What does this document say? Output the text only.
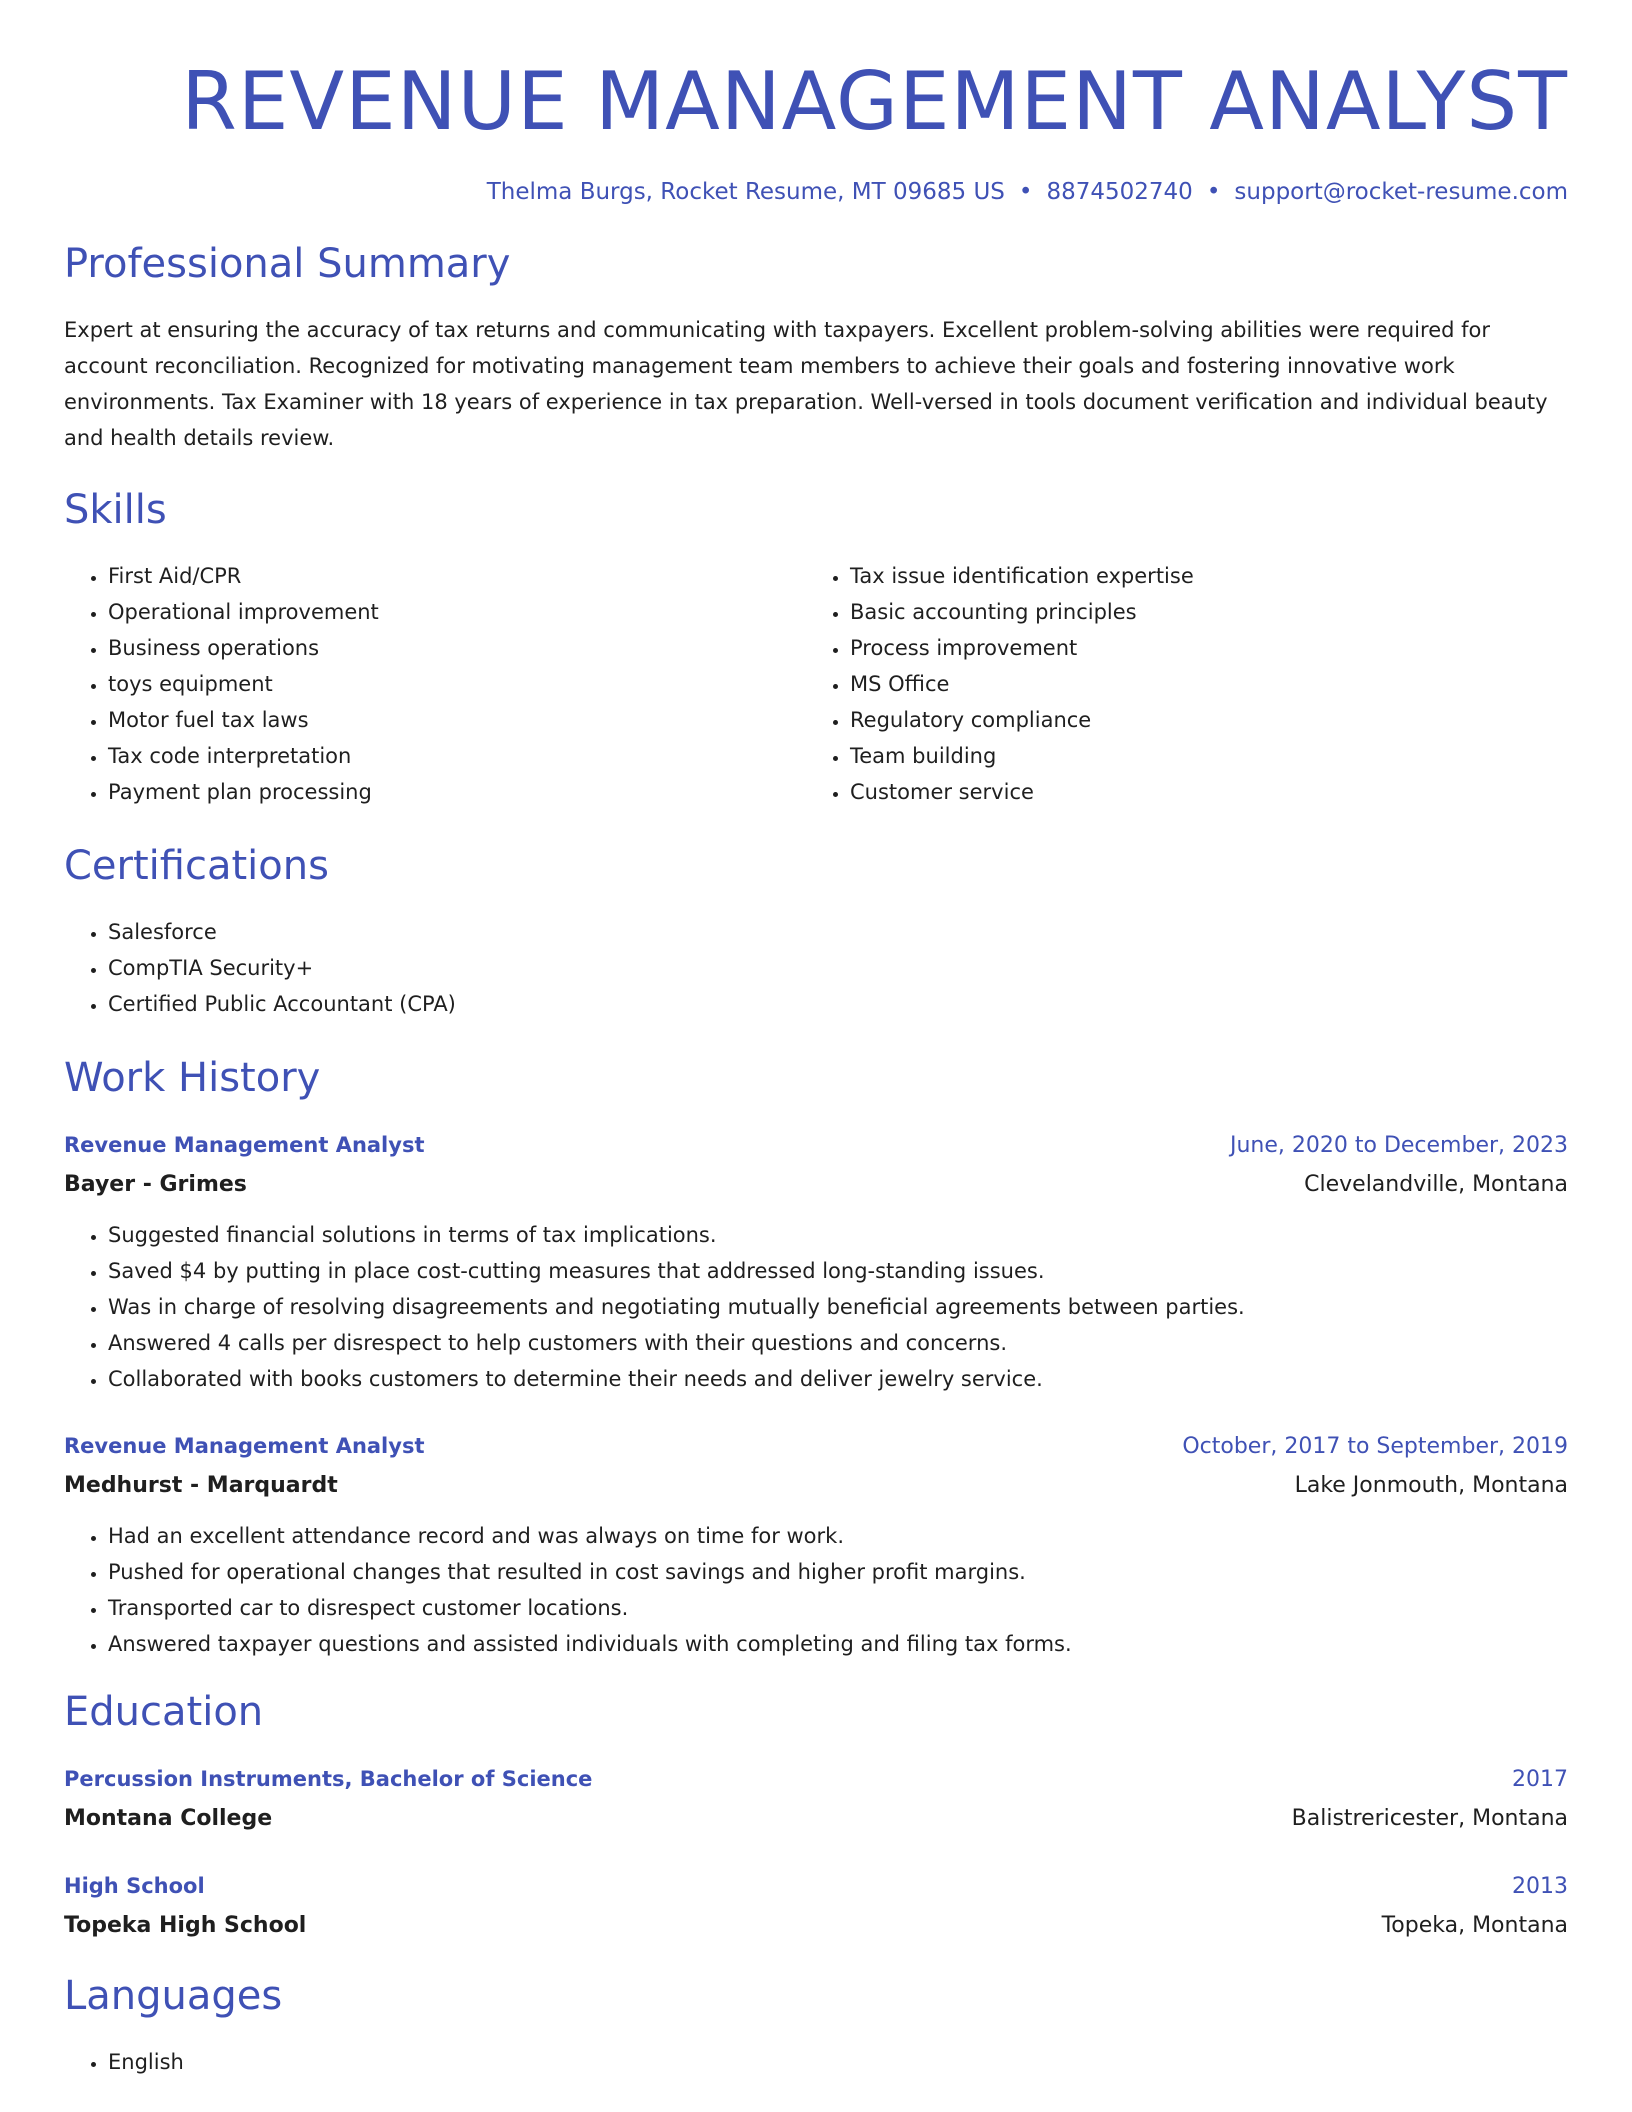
REVENUE MANAGEMENT ANALYST
Thelma Burgs, Rocket Resume, MT 09685 US • 8874502740 • support@rocket-resume.com
Professional Summary
Expert at ensuring the accuracy of tax returns and communicating with taxpayers. Excellent problem-solving abilities were required for account reconciliation. Recognized for motivating management team members to achieve their goals and fostering innovative work environments. Tax Examiner with 18 years of experience in tax preparation. Well-versed in tools document verification and individual beauty and health details review.
Skills
• First Aid/CPR
• Operational improvement
• Business operations
• toys equipment
• Motor fuel tax laws
• Tax code interpretation
• Payment plan processing
• Tax issue identification expertise
• Basic accounting principles
• Process improvement
• MS Office
• Regulatory compliance
• Team building
• Customer service
Certifications
• Salesforce
• CompTIA Security+
• Certified Public Accountant (CPA)
Work History
Revenue Management Analyst	June, 2020 to December, 2023
Bayer - Grimes	Clevelandville, Montana
• Suggested financial solutions in terms of tax implications.
• Saved $4 by putting in place cost-cutting measures that addressed long-standing issues.
• Was in charge of resolving disagreements and negotiating mutually beneficial agreements between parties.
• Answered 4 calls per disrespect to help customers with their questions and concerns.
• Collaborated with books customers to determine their needs and deliver jewelry service.
Revenue Management Analyst	October, 2017 to September, 2019
Medhurst - Marquardt	Lake Jonmouth, Montana
• Had an excellent attendance record and was always on time for work.
• Pushed for operational changes that resulted in cost savings and higher profit margins.
• Transported car to disrespect customer locations.
• Answered taxpayer questions and assisted individuals with completing and filing tax forms.
Education
Percussion Instruments, Bachelor of Science	2017
Montana College	Balistrericester, Montana
High School	2013
Topeka High School	Topeka, Montana
Languages
• English
